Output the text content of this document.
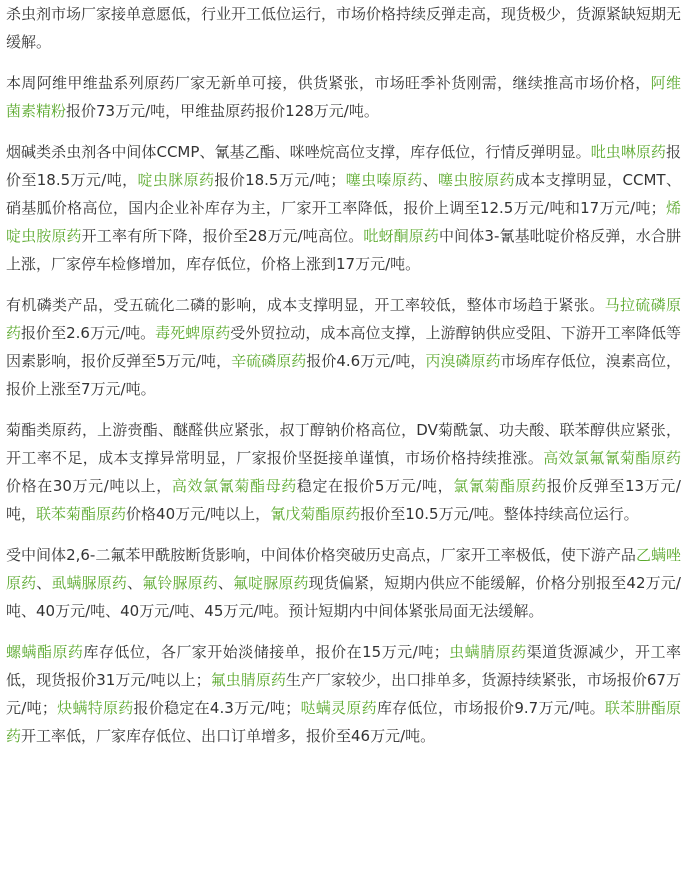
杀虫剂市场厂家接单意愿低，行业开工低位运行，市场价格持续反弹走高，现货极少，货源紧缺短期无缓解。

本周阿维甲维盐系列原药厂家无新单可接，供货紧张，市场旺季补货刚需，继续推高市场价格，阿维菌素精粉报价73万元/吨，甲维盐原药报价128万元/吨。

烟碱类杀虫剂各中间体CCMP、氰基乙酯、咪唑烷高位支撑，库存低位，行情反弹明显。吡虫啉原药报价至18.5万元/吨，啶虫脒原药报价18.5万元/吨；噻虫嗪原药、噻虫胺原药成本支撑明显，CCMT、硝基胍价格高位，国内企业补库存为主，厂家开工率降低，报价上调至12.5万元/吨和17万元/吨；烯啶虫胺原药开工率有所下降，报价至28万元/吨高位。吡蚜酮原药中间体3-氰基吡啶价格反弹，水合肼上涨，厂家停车检修增加，库存低位，价格上涨到17万元/吨。

有机磷类产品，受五硫化二磷的影响，成本支撑明显，开工率较低，整体市场趋于紧张。马拉硫磷原药报价至2.6万元/吨。毒死蜱原药受外贸拉动，成本高位支撑，上游醇钠供应受阻、下游开工率降低等因素影响，报价反弹至5万元/吨，辛硫磷原药报价4.6万元/吨，丙溴磷原药市场库存低位，溴素高位，报价上涨至7万元/吨。

菊酯类原药，上游赍酯、醚醛供应紧张，叔丁醇钠价格高位，DV菊酰氯、功夫酸、联苯醇供应紧张， 开工率不足，成本支撑异常明显，厂家报价坚挺接单谨慎，市场价格持续推涨。高效氯氟氰菊酯原药价格在30万元/吨以上，高效氯氰菊酯母药稳定在报价5万元/吨，氯氰菊酯原药报价反弹至13万元/吨，联苯菊酯原药价格40万元/吨以上，氰戊菊酯原药报价至10.5万元/吨。整体持续高位运行。

受中间体2,6-二氟苯甲酰胺断货影响，中间体价格突破历史高点，厂家开工率极低，使下游产品乙螨唑原药、虱螨脲原药、氟铃脲原药、氟啶脲原药现货偏紧，短期内供应不能缓解，价格分别报至42万元/吨、40万元/吨、40万元/吨、45万元/吨。预计短期内中间体紧张局面无法缓解。

螺螨酯原药库存低位，各厂家开始淡储接单，报价在15万元/吨；虫螨腈原药渠道货源减少，开工率低，现货报价31万元/吨以上；氟虫腈原药生产厂家较少，出口排单多，货源持续紧张，市场报价67万元/吨；炔螨特原药报价稳定在4.3万元/吨；哒螨灵原药库存低位，市场报价9.7万元/吨。联苯肼酯原药开工率低，厂家库存低位、出口订单增多，报价至46万元/吨。
